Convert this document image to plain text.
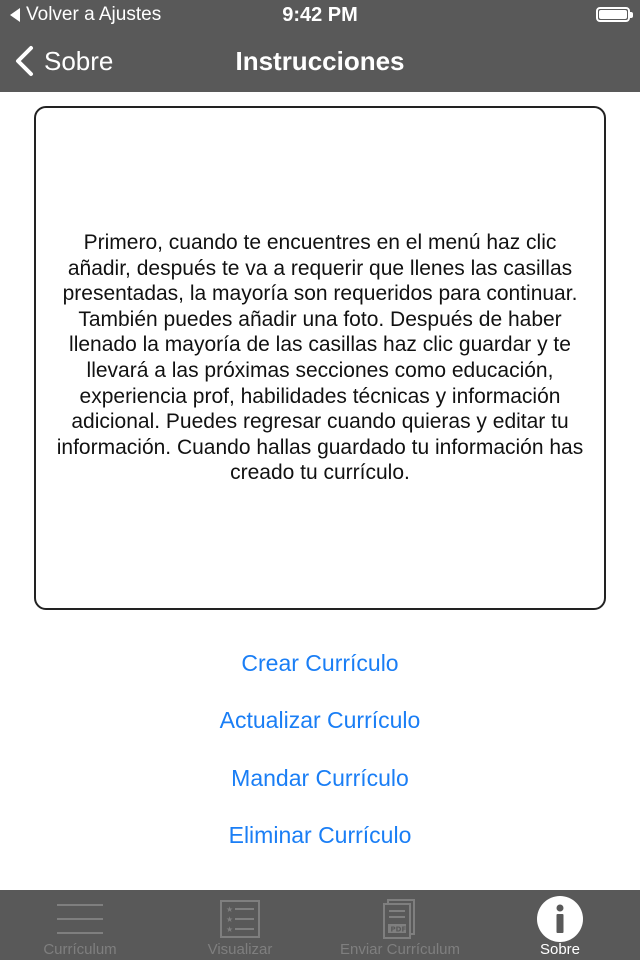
Volver a Ajustes	9:42 PM
Sobre	Instrucciones
Primero, cuando te encuentres en el menú haz clic añadir, después te va a requerir que llenes las casillas presentadas, la mayoría son requeridos para continuar. También puedes añadir una foto. Después de haber llenado la mayoría de las casillas haz clic guardar y te llevará a las próximas secciones como educación, experiencia prof, habilidades técnicas y información adicional. Puedes regresar cuando quieras y editar tu información. Cuando hallas guardado tu información has creado tu currículo.
Crear Currículo
Actualizar Currículo
Mandar Currículo
Eliminar Currículo
Currículum
★
★
★
Visualizar
PDF
Enviar Currículum	Sobre
